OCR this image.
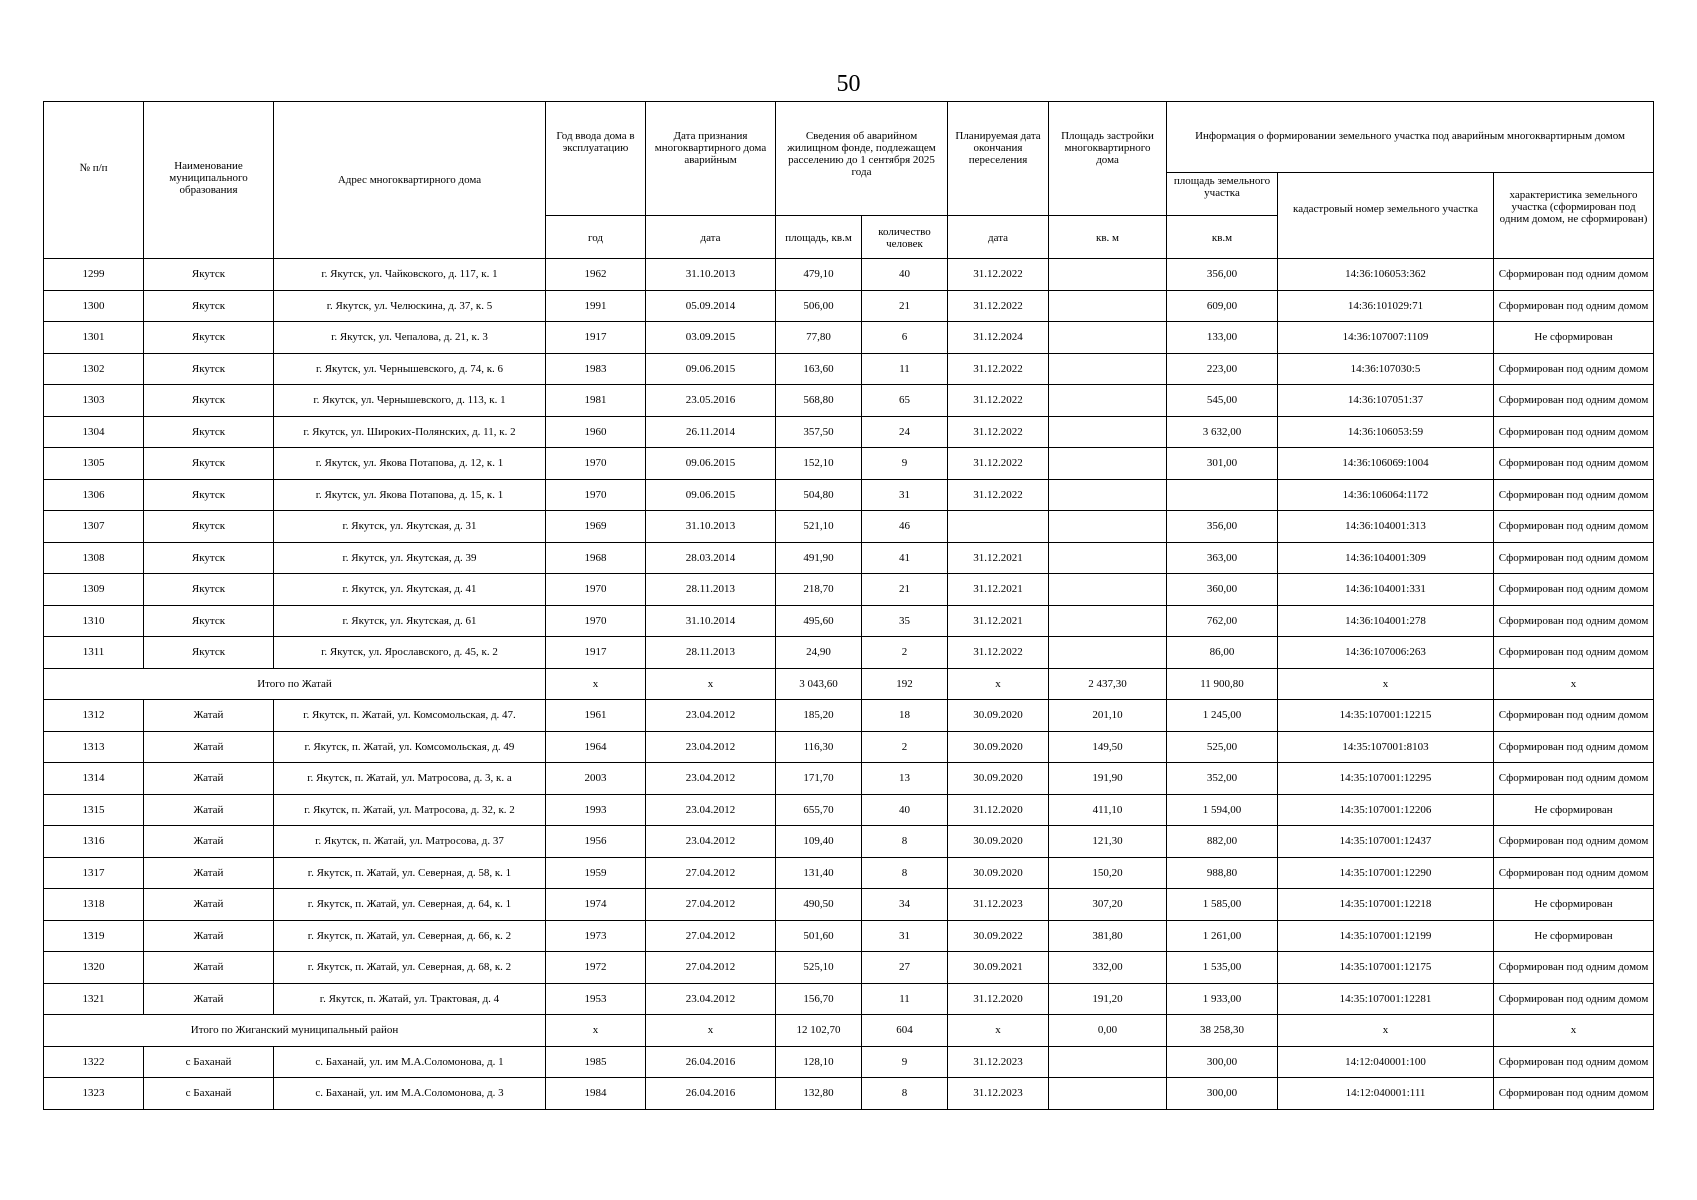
50
№ п/п	Наименование муниципального образования	Адрес многоквартирного дома	Год ввода дома в эксплуатацию	Дата признания многоквартирного дома аварийным	Сведения об аварийном жилищном фонде, подлежащем расселению до 1 сентября 2025 года		Планируемая дата окончания переселения	Площадь застройки многоквартирного дома	Информация о формировании земельного участка под аварийным многоквартирным домом		
									площадь земельного участка	кадастровый номер земельного участка	характеристика земельного участка (сформирован под одним домом, не сформирован)
			год	дата	площадь, кв.м	количество человек	дата	кв. м	кв.м		
1299	Якутск	г. Якутск, ул. Чайковского, д. 117, к. 1	1962	31.10.2013	479,10	40	31.12.2022		356,00	14:36:106053:362	Сформирован под одним домом
1300	Якутск	г. Якутск, ул. Челюскина, д. 37, к. 5	1991	05.09.2014	506,00	21	31.12.2022		609,00	14:36:101029:71	Сформирован под одним домом
1301	Якутск	г. Якутск, ул. Чепалова, д. 21, к. 3	1917	03.09.2015	77,80	6	31.12.2024		133,00	14:36:107007:1109	Не сформирован
1302	Якутск	г. Якутск, ул. Чернышевского, д. 74, к. 6	1983	09.06.2015	163,60	11	31.12.2022		223,00	14:36:107030:5	Сформирован под одним домом
1303	Якутск	г. Якутск, ул. Чернышевского, д. 113, к. 1	1981	23.05.2016	568,80	65	31.12.2022		545,00	14:36:107051:37	Сформирован под одним домом
1304	Якутск	г. Якутск, ул. Широких-Полянских, д. 11, к. 2	1960	26.11.2014	357,50	24	31.12.2022		3 632,00	14:36:106053:59	Сформирован под одним домом
1305	Якутск	г. Якутск, ул. Якова Потапова, д. 12, к. 1	1970	09.06.2015	152,10	9	31.12.2022		301,00	14:36:106069:1004	Сформирован под одним домом
1306	Якутск	г. Якутск, ул. Якова Потапова, д. 15, к. 1	1970	09.06.2015	504,80	31	31.12.2022			14:36:106064:1172	Сформирован под одним домом
1307	Якутск	г. Якутск, ул. Якутская, д. 31	1969	31.10.2013	521,10	46			356,00	14:36:104001:313	Сформирован под одним домом
1308	Якутск	г. Якутск, ул. Якутская, д. 39	1968	28.03.2014	491,90	41	31.12.2021		363,00	14:36:104001:309	Сформирован под одним домом
1309	Якутск	г. Якутск, ул. Якутская, д. 41	1970	28.11.2013	218,70	21	31.12.2021		360,00	14:36:104001:331	Сформирован под одним домом
1310	Якутск	г. Якутск, ул. Якутская, д. 61	1970	31.10.2014	495,60	35	31.12.2021		762,00	14:36:104001:278	Сформирован под одним домом
1311	Якутск	г. Якутск, ул. Ярославского, д. 45, к. 2	1917	28.11.2013	24,90	2	31.12.2022		86,00	14:36:107006:263	Сформирован под одним домом
Итого по Жатай			х	х	3 043,60	192	х	2 437,30	11 900,80	х	х
1312	Жатай	г. Якутск, п. Жатай, ул. Комсомольская, д. 47.	1961	23.04.2012	185,20	18	30.09.2020	201,10	1 245,00	14:35:107001:12215	Сформирован под одним домом
1313	Жатай	г. Якутск, п. Жатай, ул. Комсомольская, д. 49	1964	23.04.2012	116,30	2	30.09.2020	149,50	525,00	14:35:107001:8103	Сформирован под одним домом
1314	Жатай	г. Якутск, п. Жатай, ул. Матросова, д. 3, к. а	2003	23.04.2012	171,70	13	30.09.2020	191,90	352,00	14:35:107001:12295	Сформирован под одним домом
1315	Жатай	г. Якутск, п. Жатай, ул. Матросова, д. 32, к. 2	1993	23.04.2012	655,70	40	31.12.2020	411,10	1 594,00	14:35:107001:12206	Не сформирован
1316	Жатай	г. Якутск, п. Жатай, ул. Матросова, д. 37	1956	23.04.2012	109,40	8	30.09.2020	121,30	882,00	14:35:107001:12437	Сформирован под одним домом
1317	Жатай	г. Якутск, п. Жатай, ул. Северная, д. 58, к. 1	1959	27.04.2012	131,40	8	30.09.2020	150,20	988,80	14:35:107001:12290	Сформирован под одним домом
1318	Жатай	г. Якутск, п. Жатай, ул. Северная, д. 64, к. 1	1974	27.04.2012	490,50	34	31.12.2023	307,20	1 585,00	14:35:107001:12218	Не сформирован
1319	Жатай	г. Якутск, п. Жатай, ул. Северная, д. 66, к. 2	1973	27.04.2012	501,60	31	30.09.2022	381,80	1 261,00	14:35:107001:12199	Не сформирован
1320	Жатай	г. Якутск, п. Жатай, ул. Северная, д. 68, к. 2	1972	27.04.2012	525,10	27	30.09.2021	332,00	1 535,00	14:35:107001:12175	Сформирован под одним домом
1321	Жатай	г. Якутск, п. Жатай, ул. Трактовая, д. 4	1953	23.04.2012	156,70	11	31.12.2020	191,20	1 933,00	14:35:107001:12281	Сформирован под одним домом
Итого по Жиганский муниципальный район			х	х	12 102,70	604	х	0,00	38 258,30	х	х
1322	с Баханай	с. Баханай, ул. им М.А.Соломонова, д. 1	1985	26.04.2016	128,10	9	31.12.2023		300,00	14:12:040001:100	Сформирован под одним домом
1323	с Баханай	с. Баханай, ул. им М.А.Соломонова, д. 3	1984	26.04.2016	132,80	8	31.12.2023		300,00	14:12:040001:111	Сформирован под одним домом
